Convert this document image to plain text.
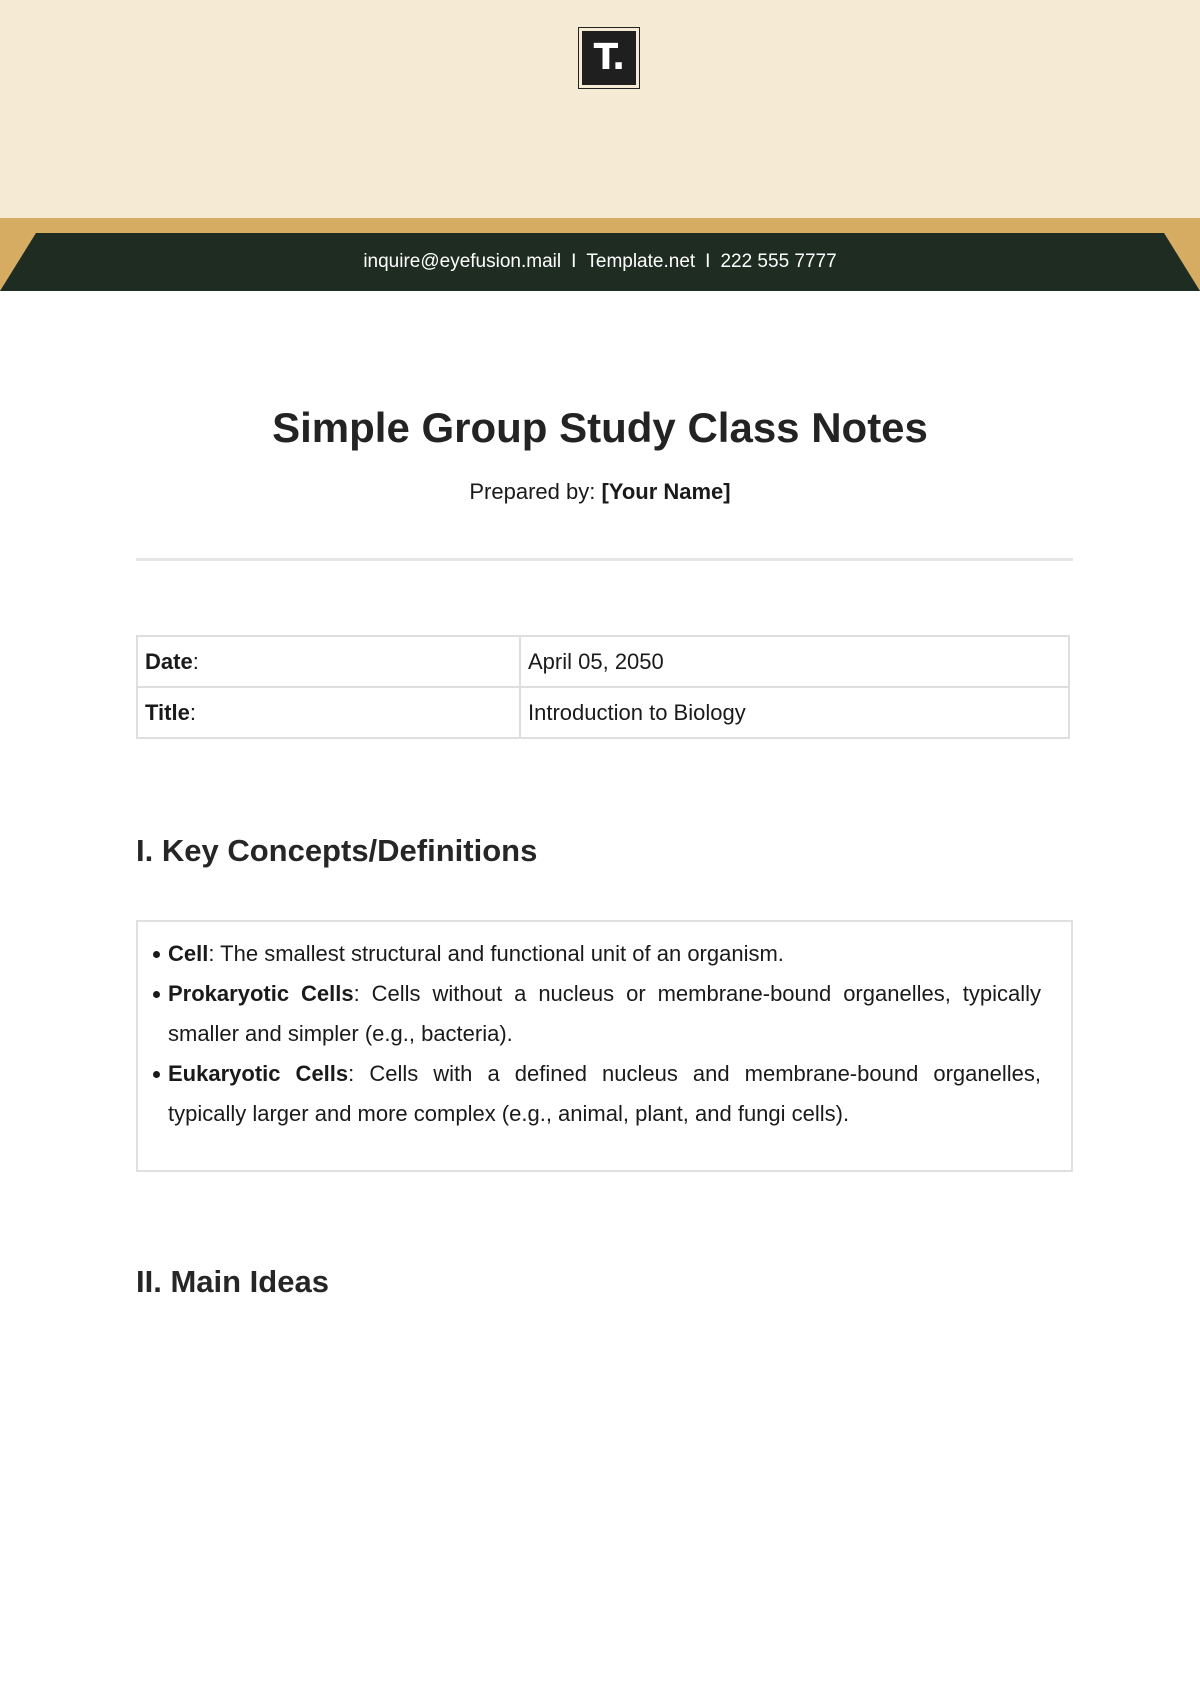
T.
inquire@eyefusion.mail I Template.net I 222 555 7777
Simple Group Study Class Notes
Prepared by: [Your Name]
Date:	April 05, 2050
Title:	Introduction to Biology
I. Key Concepts/Definitions
Cell: The smallest structural and functional unit of an organism.
Prokaryotic Cells: Cells without a nucleus or membrane-bound organelles, typically smaller and simpler (e.g., bacteria).
Eukaryotic Cells: Cells with a defined nucleus and membrane-bound organelles, typically larger and more complex (e.g., animal, plant, and fungi cells).
II. Main Ideas
